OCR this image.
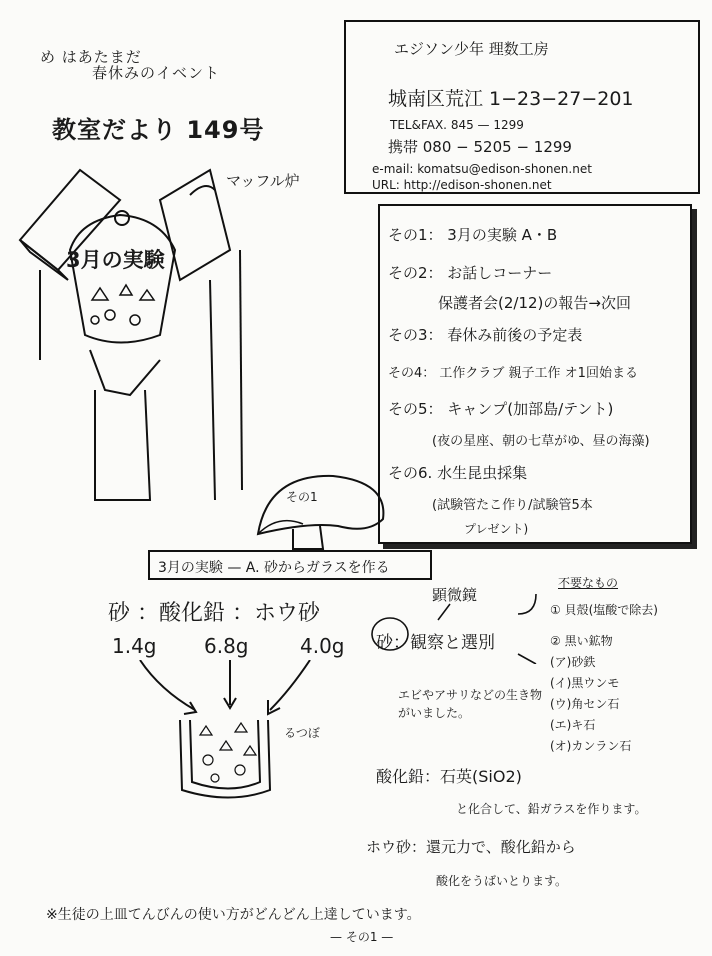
め はあたまだ
春休みのイベント
教室だより 149号
エジソン少年 理数工房
城南区荒江 1−23−27−201
TEL&FAX. 845 — 1299
携帯 080 − 5205 − 1299
e-mail: komatsu@edison-shonen.net
URL: http://edison-shonen.net
マッフル炉
3月の実験
その1： 3月の実験 A・B
その2： お話しコーナー
保護者会(2/12)の報告→次回
その3： 春休み前後の予定表
その4： 工作クラブ 親子工作 オ1回始まる
その5： キャンプ(加部島/テント)
(夜の星座、朝の七草がゆ、昼の海藻)
その6. 水生昆虫採集
(試験管たこ作り/試験管5本
プレゼント)
その1
3月の実験 — A. 砂からガラスを作る
砂 ：酸化鉛 ：ホウ砂
1.4g 6.8g	4.0g
るつぼ
顕微鏡
砂：観察と選別
エビやアサリなどの生き物がいました。
不要なもの
① 貝殻(塩酸で除去)
② 黒い鉱物
(ア)砂鉄
(イ)黒ウンモ
(ウ)角セン石
(エ)キ石
(オ)カンラン石
酸化鉛：石英(SiO2)
と化合して、鉛ガラスを作ります。
ホウ砂：還元力で、酸化鉛から
酸化をうばいとります。
※生徒の上皿てんびんの使い方がどんどん上達しています。
— その1 —
